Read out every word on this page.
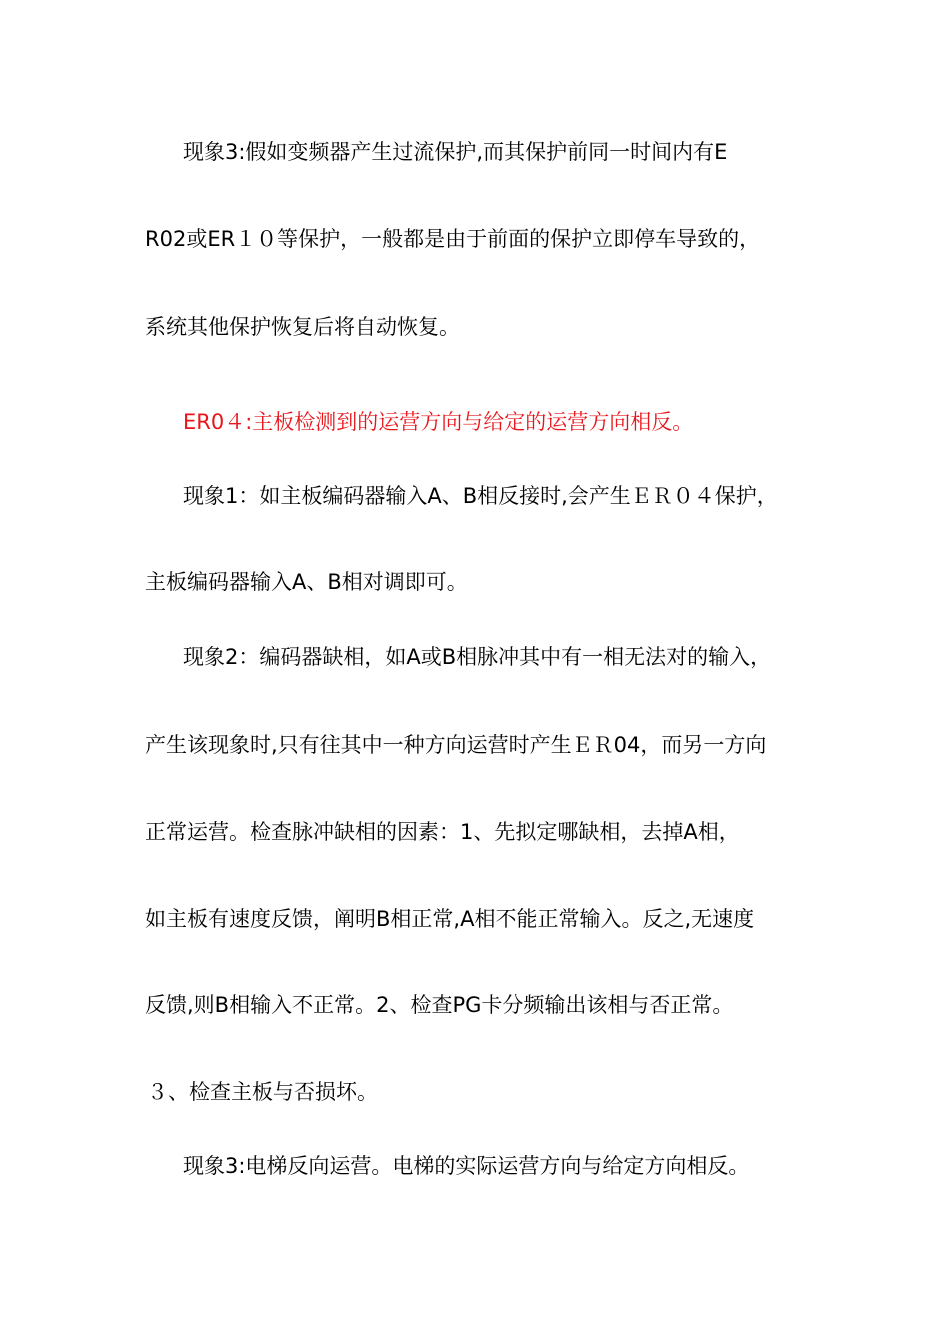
现象3:假如变频器产生过流保护,而其保护前同一时间内有E
R02或ER１０等保护，一般都是由于前面的保护立即停车导致的，
系统其他保护恢复后将自动恢复。
ER0４:主板检测到的运营方向与给定的运营方向相反。
现象1：如主板编码器输入A、B相反接时,会产生ＥＲ０４保护，
主板编码器输入A、B相对调即可。
现象2：编码器缺相，如A或B相脉冲其中有一相无法对的输入，
产生该现象时,只有往其中一种方向运营时产生ＥＲ04，而另一方向
正常运营。检查脉冲缺相的因素：1、先拟定哪缺相，去掉A相，
如主板有速度反馈，阐明B相正常,A相不能正常输入。反之,无速度
反馈,则B相输入不正常。2、检查PG卡分频输出该相与否正常。
３、检查主板与否损坏。
现象3:电梯反向运营。电梯的实际运营方向与给定方向相反。
